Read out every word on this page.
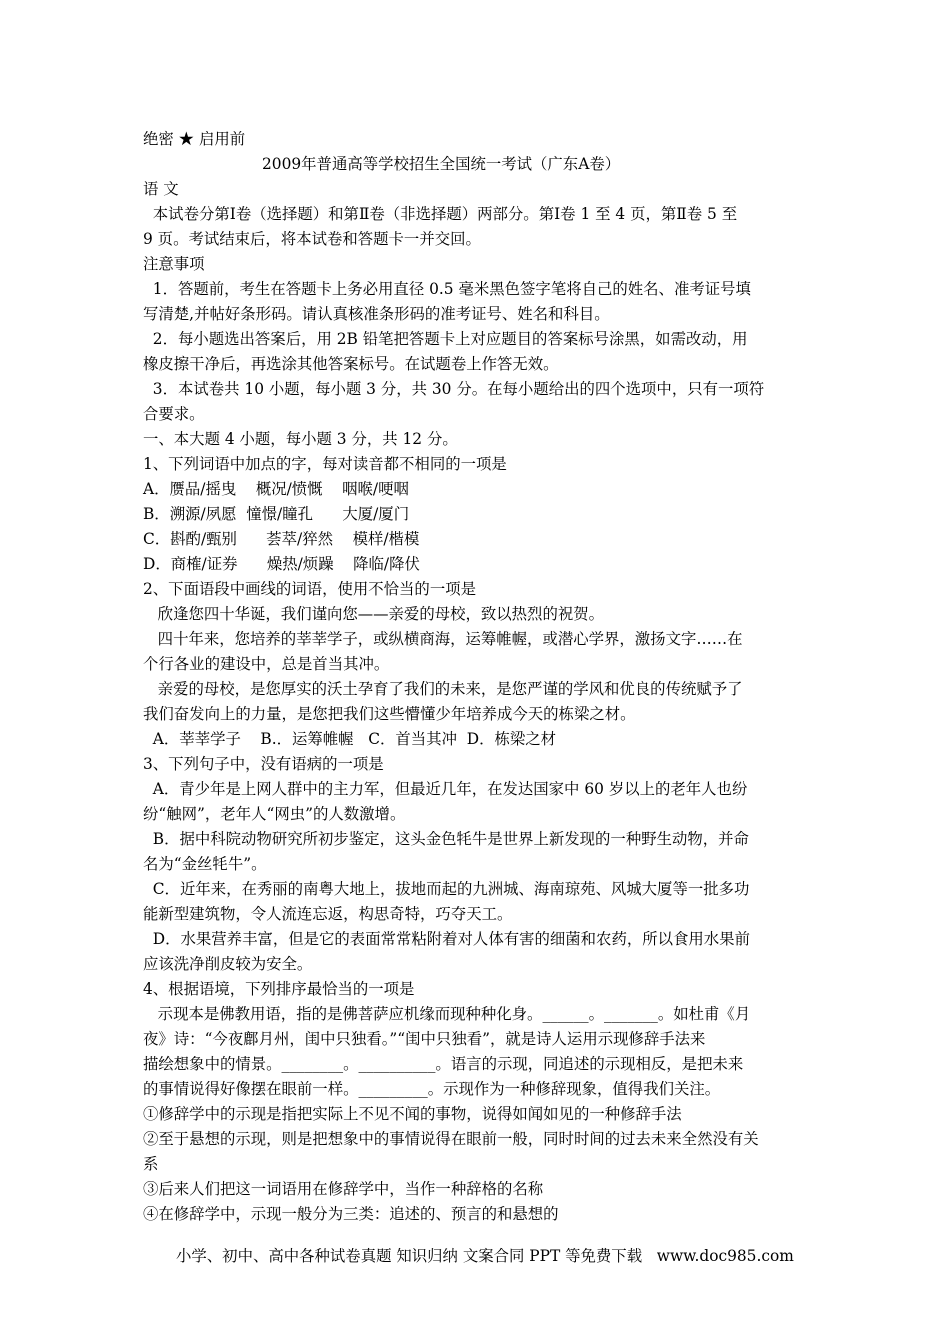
绝密 ★ 启用前
2009年普通高等学校招生全国统一考试（广东A卷）
语 文
本试卷分第Ⅰ卷（选择题）和第Ⅱ卷（非选择题）两部分。第Ⅰ卷 1 至 4 页，第Ⅱ卷 5 至
9 页。考试结束后，将本试卷和答题卡一并交回。
注意事项
1．答题前，考生在答题卡上务必用直径 0.5 毫米黑色签字笔将自己的姓名、准考证号填
写清楚,并帖好条形码。请认真核准条形码的准考证号、姓名和科目。
2．每小题选出答案后，用 2B 铅笔把答题卡上对应题目的答案标号涂黑，如需改动，用
橡皮擦干净后，再选涂其他答案标号。在试题卷上作答无效。
3．本试卷共 10 小题，每小题 3 分，共 30 分。在每小题给出的四个选项中，只有一项符
合要求。
一、本大题 4 小题，每小题 3 分，共 12 分。
1、下列词语中加点的字，每对读音都不相同的一项是
A．赝品/摇曳    概况/愤慨    咽喉/哽咽
B．溯源/夙愿  憧憬/瞳孔      大厦/厦门
C．斟酌/甄别      荟萃/猝然    模样/楷模
D．商榷/证券      燥热/烦躁    降临/降伏
2、下面语段中画线的词语，使用不恰当的一项是
欣逢您四十华诞，我们谨向您——亲爱的母校，致以热烈的祝贺。
四十年来，您培养的莘莘学子，或纵横商海，运筹帷幄，或潜心学界，激扬文字……在
个行各业的建设中，总是首当其冲。
亲爱的母校，是您厚实的沃土孕育了我们的未来，是您严谨的学风和优良的传统赋予了
我们奋发向上的力量，是您把我们这些懵懂少年培养成今天的栋梁之材。
A．莘莘学子    B.．运筹帷幄   C．首当其冲  D．栋梁之材
3、下列句子中，没有语病的一项是
A．青少年是上网人群中的主力军，但最近几年，在发达国家中 60 岁以上的老年人也纷
纷“触网”，老年人“网虫”的人数激增。
B．据中科院动物研究所初步鉴定，这头金色牦牛是世界上新发现的一种野生动物，并命
名为“金丝牦牛”。
C．近年来，在秀丽的南粤大地上，拔地而起的九洲城、海南琼苑、风城大厦等一批多功
能新型建筑物，令人流连忘返，构思奇特，巧夺天工。
D．水果营养丰富，但是它的表面常常粘附着对人体有害的细菌和农药，所以食用水果前
应该洗净削皮较为安全。
4、根据语境，下列排序最恰当的一项是
示现本是佛教用语，指的是佛菩萨应机缘而现种种化身。______。_______。如杜甫《月
夜》诗：“今夜鄜月州，闺中只独看。”“闺中只独看”，就是诗人运用示现修辞手法来
描绘想象中的情景。________。__________。语言的示现，同追述的示现相反，是把未来
的事情说得好像摆在眼前一样。_________。示现作为一种修辞现象，值得我们关注。
①修辞学中的示现是指把实际上不见不闻的事物，说得如闻如见的一种修辞手法
②至于悬想的示现，则是把想象中的事情说得在眼前一般，同时时间的过去未来全然没有关
系
③后来人们把这一词语用在修辞学中，当作一种辞格的名称
④在修辞学中，示现一般分为三类：追述的、预言的和悬想的
小学、初中、高中各种试卷真题 知识归纳 文案合同 PPT 等免费下载   www.doc985.com
